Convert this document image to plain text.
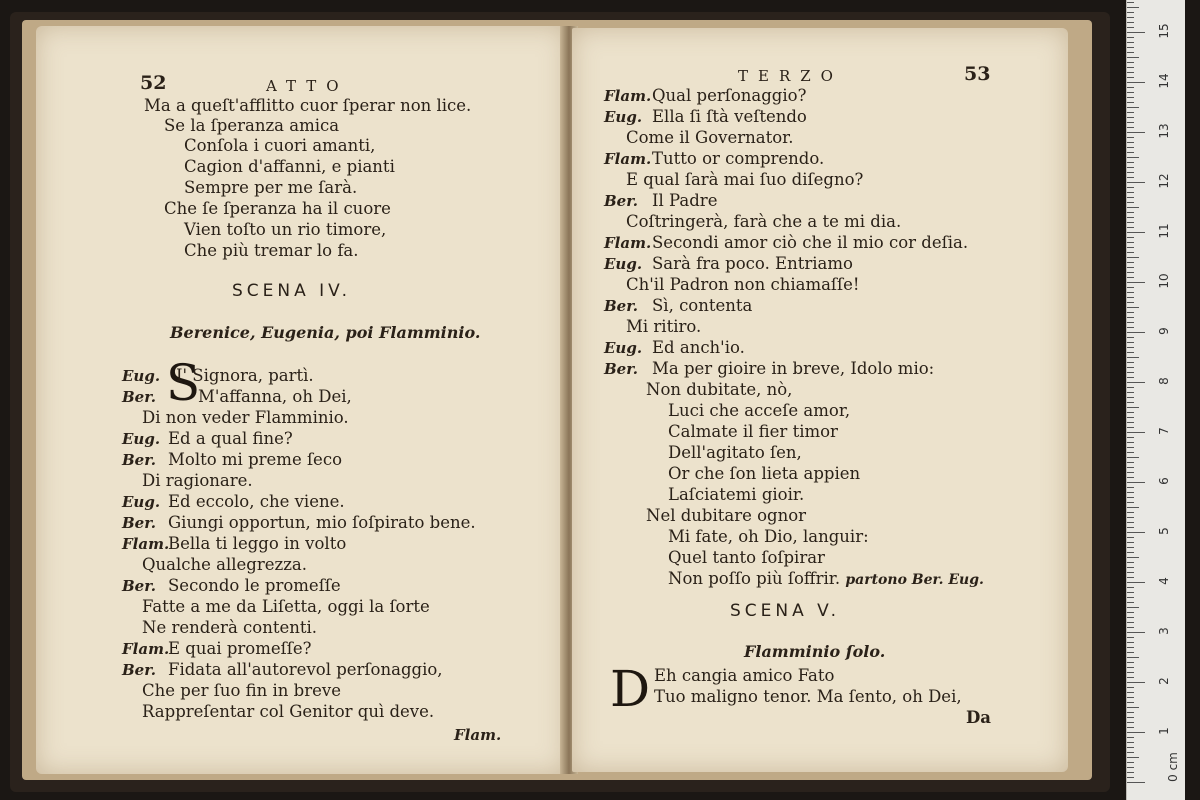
52	ATTO
Ma a queſt'afflitto cuor ſperar non lice.
Se la ſperanza amica
Conſola i cuori amanti,
Cagion d'affanni, e pianti
Sempre per me ſarà.
Che ſe ſperanza ha il cuore
Vien toſto un rio timore,
Che più tremar lo fa.
SCENA IV.
Berenice, Eugenia, poi Flamminio.
S
Eug. I' Signora, partì.
Ber.	M'affanna, oh Dei,
Di non veder Flamminio.
Eug. Ed a qual fine?
Ber. Molto mi preme ſeco
Di ragionare.
Eug. Ed eccolo, che viene.
Ber. Giungi opportun, mio ſoſpirato bene.
Flam.Bella ti leggo in volto
Qualche allegrezza.
Ber. Secondo le promeſſe
Fatte a me da Liſetta, oggi la ſorte
Ne renderà contenti.
Flam.E quai promeſſe?
Ber. Fidata all'autorevol perſonaggio,
Che per ſuo fin in breve
Rappreſentar col Genitor quì deve.
Flam.
TERZO	53
Flam.Qual perſonaggio?
Eug. Ella ſi ſtà veſtendo
Come il Governator.
Flam.Tutto or comprendo.
E qual ſarà mai ſuo diſegno?
Ber. Il Padre
Coſtringerà, farà che a te mi dia.
Flam.Secondi amor ciò che il mio cor deſia.
Eug. Sarà fra poco. Entriamo
Ch'il Padron non chiamaſſe!
Ber. Sì, contenta
Mi ritiro.
Eug. Ed anch'io.
Ber. Ma per gioire in breve, Idolo mio:
Non dubitate, nò,
Luci che acceſe amor,
Calmate il fier timor
Dell'agitato ſen,
Or che ſon lieta appien
Laſciatemi gioir.
Nel dubitare ognor
Mi fate, oh Dio, languir:
Quel tanto ſoſpirar
Non poſſo più ſoffrir. partono Ber. Eug.
SCENA V.
Flamminio ſolo.
D Eh cangia amico Fato
Tuo maligno tenor. Ma ſento, oh Dei,
Da
0 cm
1
2
3
4
5
6
7
8
9
10
11
12
13
14
15
